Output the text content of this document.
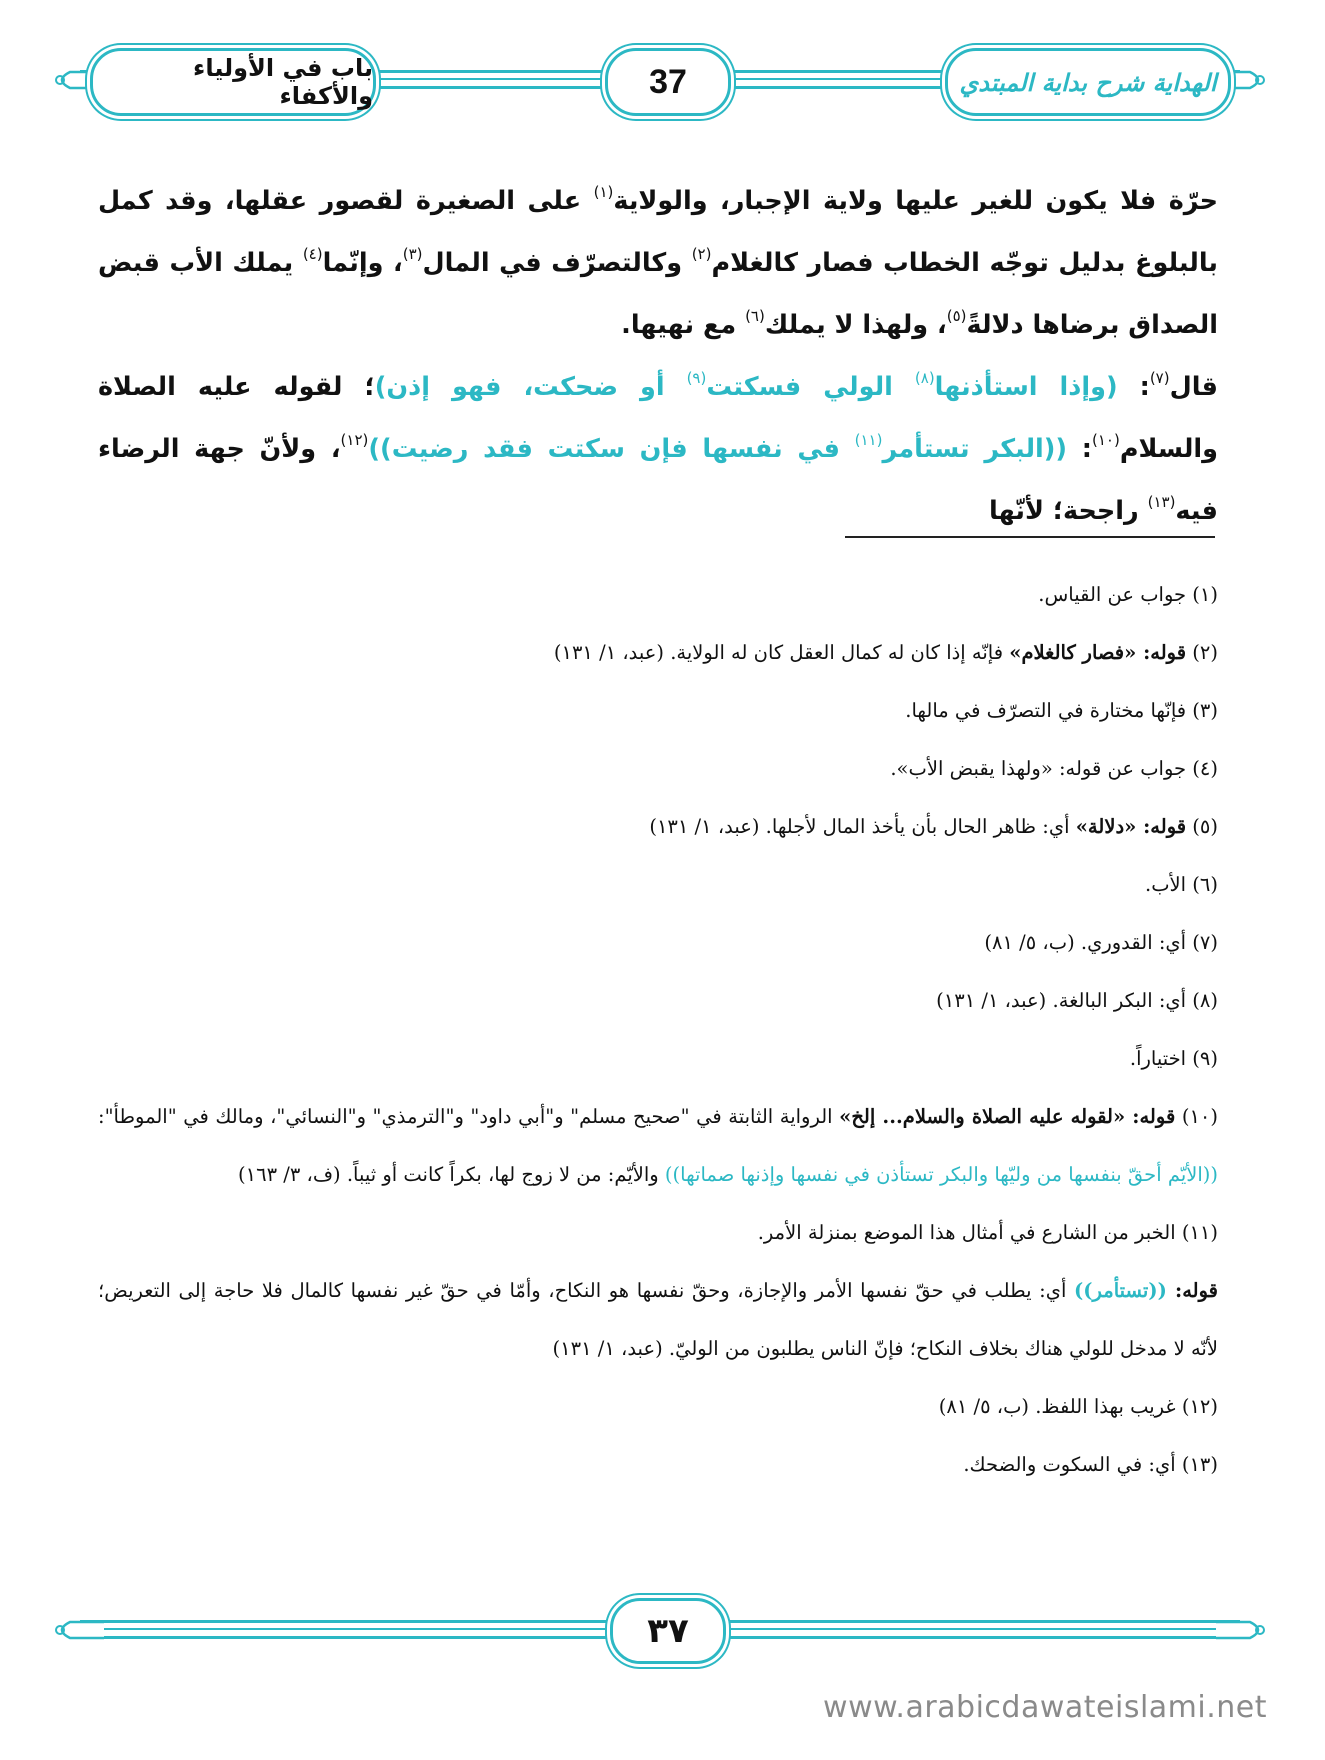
باب في الأولياء والأكفاء	37	الهداية شرح بداية المبتدي

حرّة فلا يكون للغير عليها ولاية الإجبار، والولاية$^{(١)}$ على الصغيرة لقصور عقلها، وقد كمل بالبلوغ بدليل توجّه الخطاب فصار كالغلام$^{(٢)}$ وكالتصرّف في المال$^{(٣)}$، وإنّما$^{(٤)}$ يملك الأب قبض الصداق برضاها دلالةً$^{(٥)}$، ولهذا لا يملك$^{(٦)}$ مع نهيها.

قال$^{(٧)}$: (وإذا استأذنها$^{(٨)}$ الولي فسكتت$^{(٩)}$ أو ضحكت، فهو إذن)؛ لقوله عليه الصلاة والسلام$^{(١٠)}$: ((البكر تستأمر$^{(١١)}$ في نفسها فإن سكتت فقد رضيت))$^{(١٢)}$، ولأنّ جهة الرضاء فيه$^{(١٣)}$ راجحة؛ لأنّها

(١) جواب عن القياس.

(٢) قوله: «فصار كالغلام» فإنّه إذا كان له كمال العقل كان له الولاية. (عبد، ١/ ١٣١)

(٣) فإنّها مختارة في التصرّف في مالها.

(٤) جواب عن قوله: «ولهذا يقبض الأب».

(٥) قوله: «دلالة» أي: ظاهر الحال بأن يأخذ المال لأجلها. (عبد، ١/ ١٣١)

(٦) الأب.

(٧) أي: القدوري. (ب، ٥/ ٨١)

(٨) أي: البكر البالغة. (عبد، ١/ ١٣١)

(٩) اختياراً.

(١٠) قوله: «لقوله عليه الصلاة والسلام... إلخ» الرواية الثابتة في "صحيح مسلم" و"أبي داود" و"الترمذي" و"النسائي"، ومالك في "الموطأ": ((الأيّم أحقّ بنفسها من وليّها والبكر تستأذن في نفسها وإذنها صماتها)) والأيّم: من لا زوج لها، بكراً كانت أو ثيباً. (ف، ٣/ ١٦٣)

(١١) الخبر من الشارع في أمثال هذا الموضع بمنزلة الأمر.

قوله: ((تستأمر)) أي: يطلب في حقّ نفسها الأمر والإجازة، وحقّ نفسها هو النكاح، وأمّا في حقّ غير نفسها كالمال فلا حاجة إلى التعريض؛ لأنّه لا مدخل للولي هناك بخلاف النكاح؛ فإنّ الناس يطلبون من الوليّ. (عبد، ١/ ١٣١)

(١٢) غريب بهذا اللفظ. (ب، ٥/ ٨١)

(١٣) أي: في السكوت والضحك.

٣٧
www.arabicdawateislami.net
